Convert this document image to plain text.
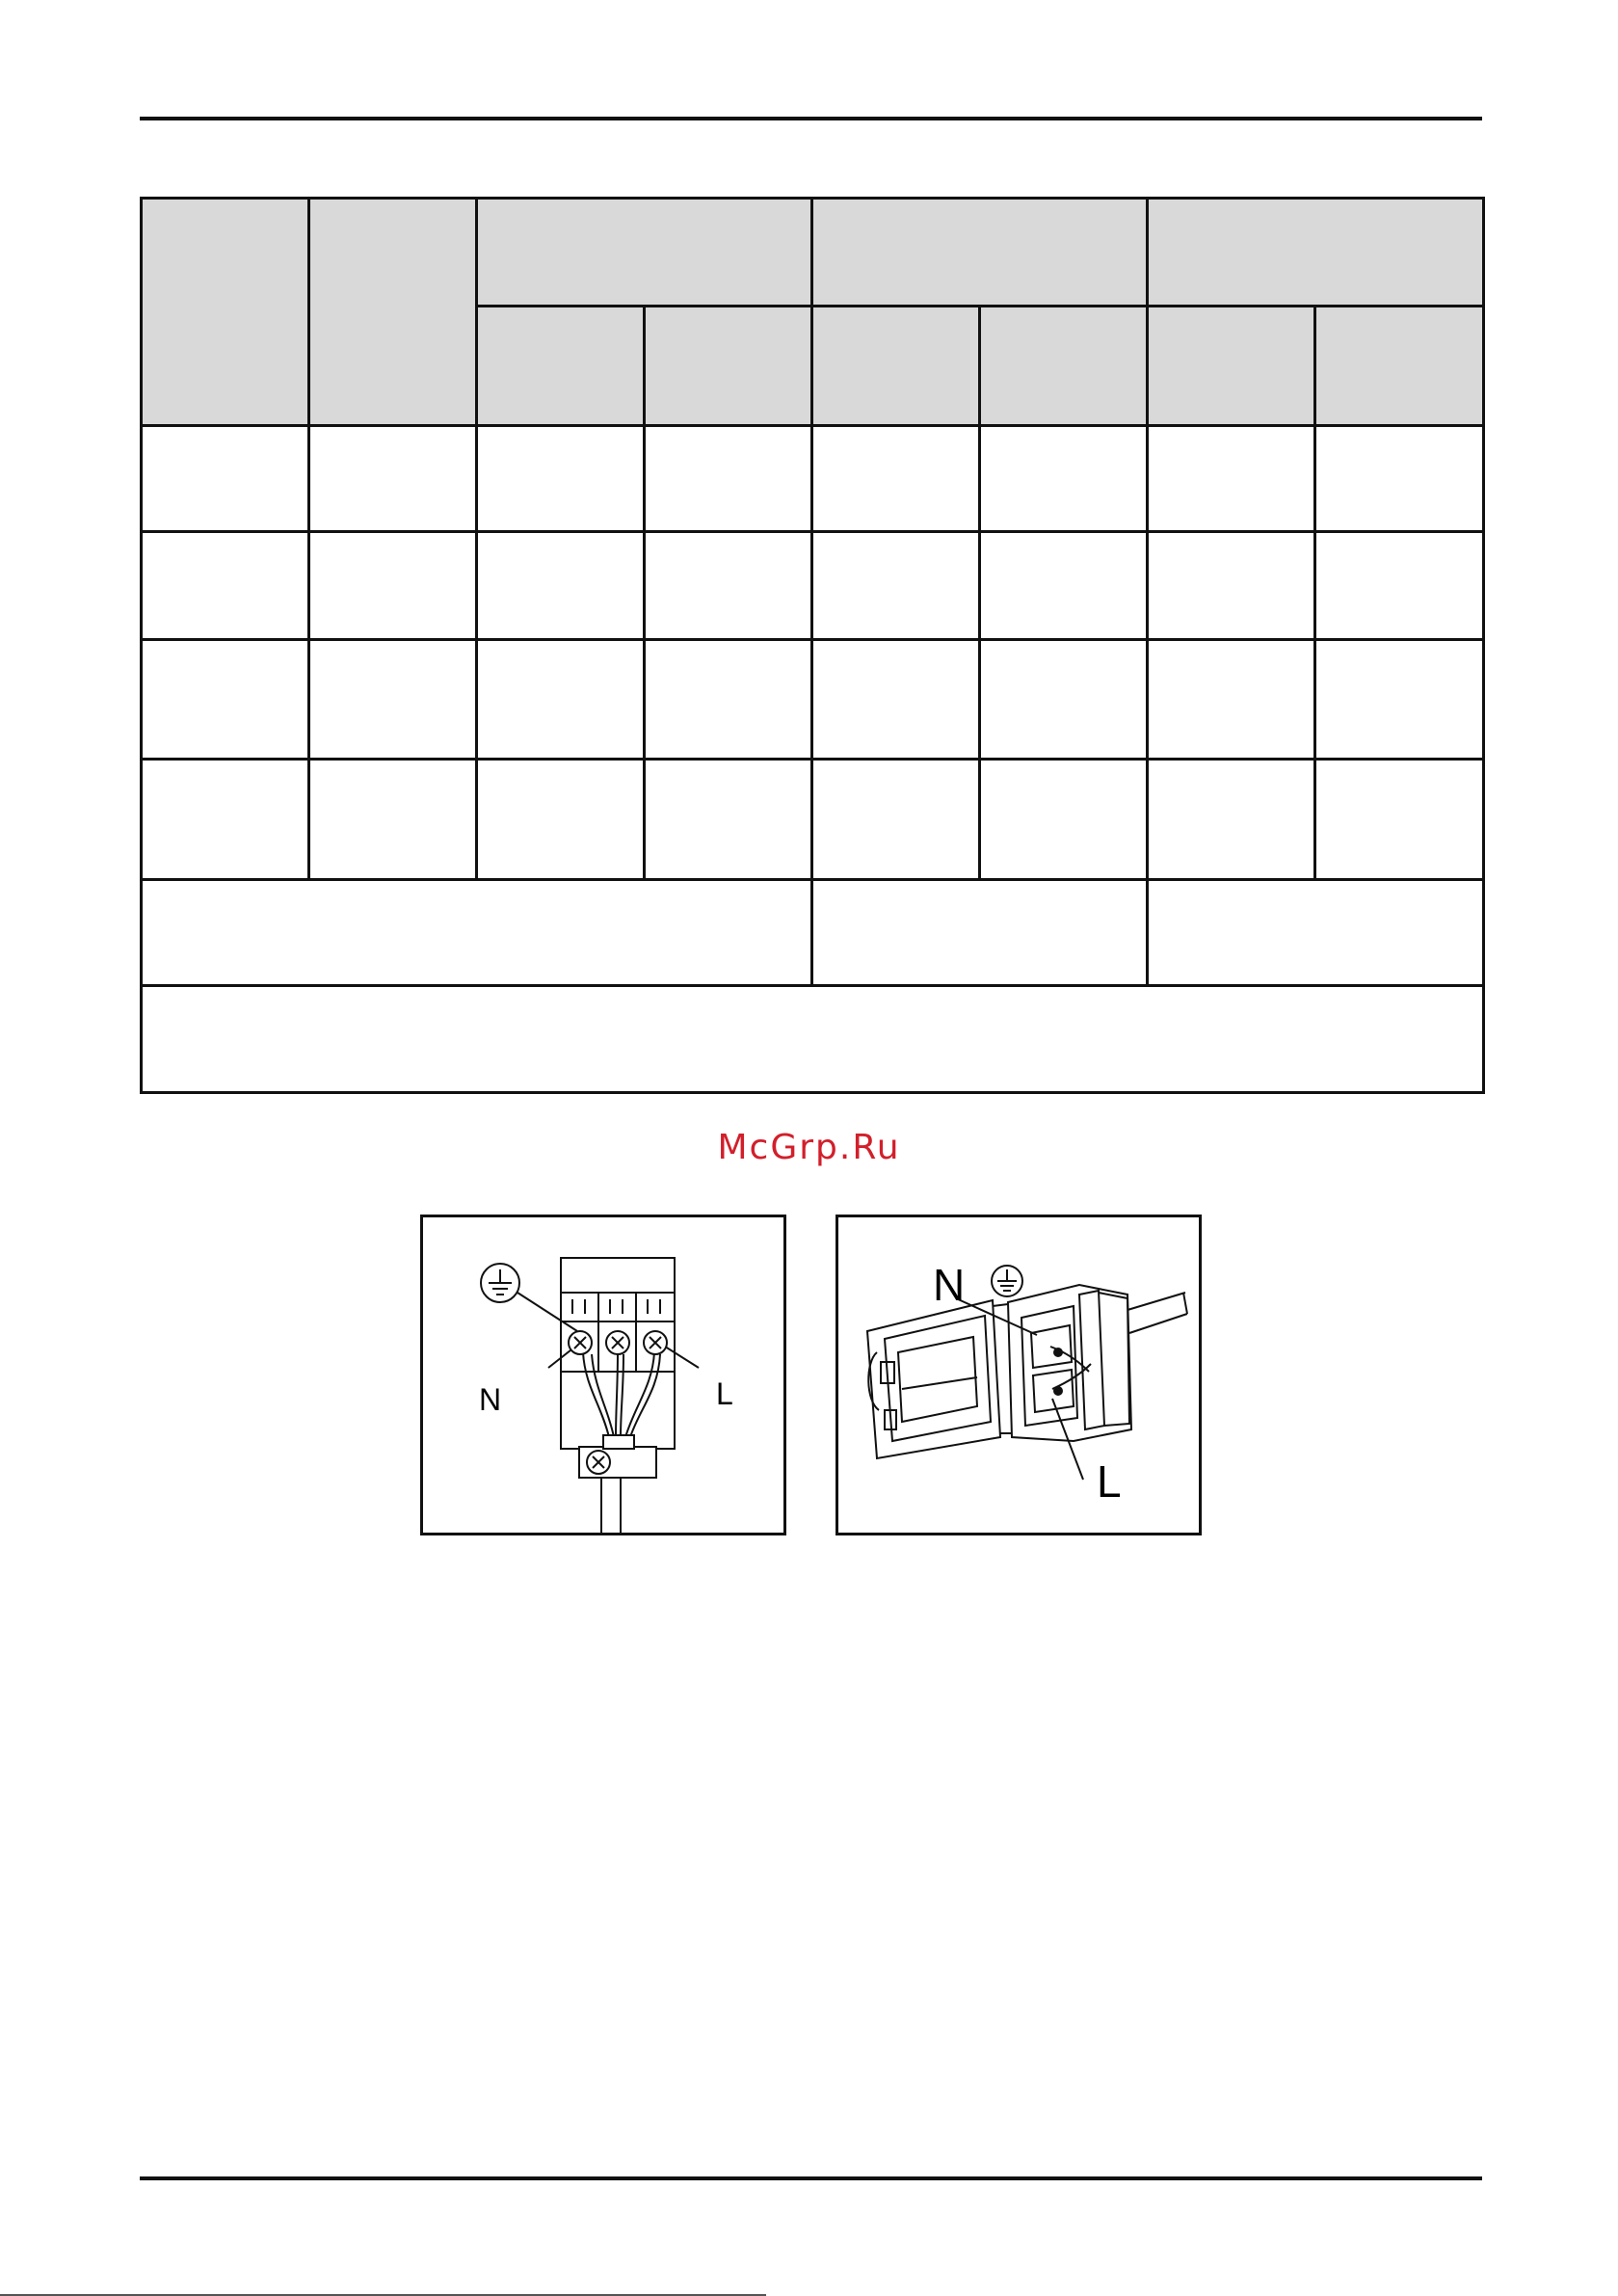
McGrp.Ru
N	L
N
L
